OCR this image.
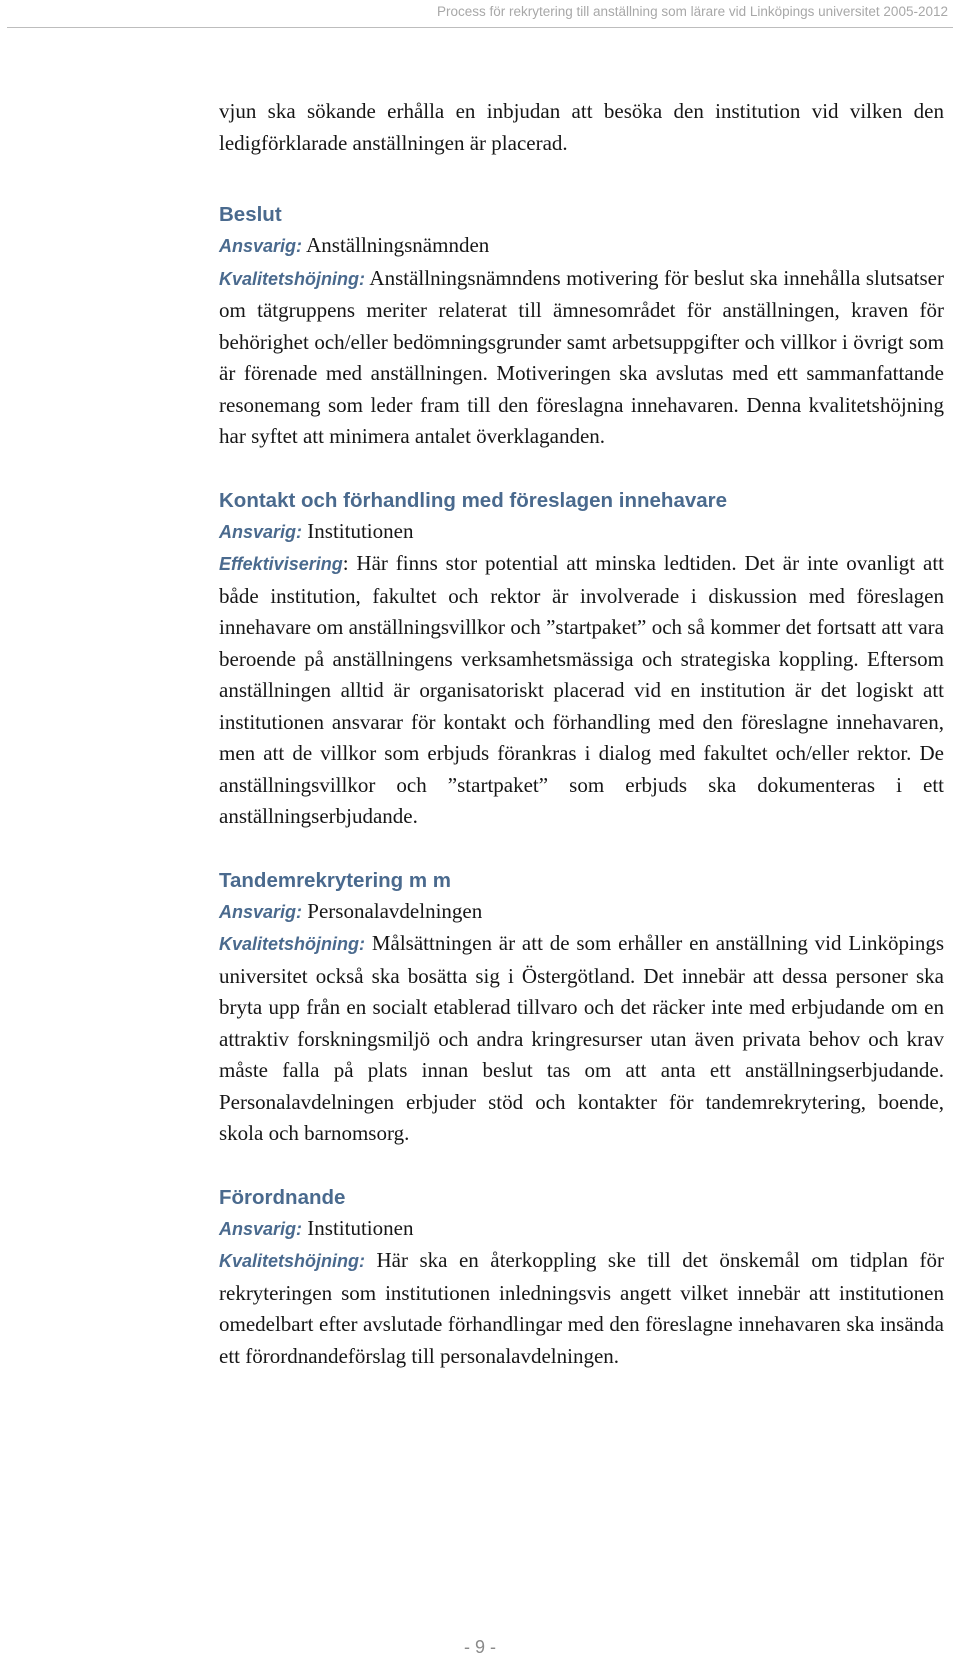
Process för rekrytering till anställning som lärare vid Linköpings universitet 2005-2012

vjun ska sökande erhålla en inbjudan att besöka den institution vid vilken den ledigförklarade anställningen är placerad.

Beslut

Ansvarig: Anställningsnämnden

Kvalitetshöjning: Anställningsnämndens motivering för beslut ska innehålla slutsatser om tätgruppens meriter relaterat till ämnesområdet för anställningen, kraven för behörighet och/eller bedömningsgrunder samt arbetsuppgifter och villkor i övrigt som är förenade med anställningen. Motiveringen ska avslutas med ett sammanfattande resonemang som leder fram till den föreslagna innehavaren. Denna kvalitetshöjning har syftet att minimera antalet överklaganden.

Kontakt och förhandling med föreslagen innehavare

Ansvarig: Institutionen

Effektivisering: Här finns stor potential att minska ledtiden. Det är inte ovanligt att både institution, fakultet och rektor är involverade i diskussion med föreslagen innehavare om anställningsvillkor och ”startpaket” och så kommer det fortsatt att vara beroende på anställningens verksamhetsmässiga och strategiska koppling. Eftersom anställningen alltid är organisatoriskt placerad vid en institution är det logiskt att institutionen ansvarar för kontakt och förhandling med den föreslagne innehavaren, men att de villkor som erbjuds förankras i dialog med fakultet och/eller rektor. De anställningsvillkor och ”startpaket” som erbjuds ska dokumenteras i ett anställningserbjudande.

Tandemrekrytering m m

Ansvarig: Personalavdelningen

Kvalitetshöjning: Målsättningen är att de som erhåller en anställning vid Linköpings universitet också ska bosätta sig i Östergötland. Det innebär att dessa personer ska bryta upp från en socialt etablerad tillvaro och det räcker inte med erbjudande om en attraktiv forskningsmiljö och andra kringresurser utan även privata behov och krav måste falla på plats innan beslut tas om att anta ett anställningserbjudande. Personalavdelningen erbjuder stöd och kontakter för tandemrekrytering, boende, skola och barnomsorg.

Förordnande

Ansvarig: Institutionen

Kvalitetshöjning: Här ska en återkoppling ske till det önskemål om tidplan för rekryteringen som institutionen inledningsvis angett vilket innebär att institutionen omedelbart efter avslutade förhandlingar med den föreslagne innehavaren ska insända ett förordnandeförslag till personalavdelningen.

- 9 -
